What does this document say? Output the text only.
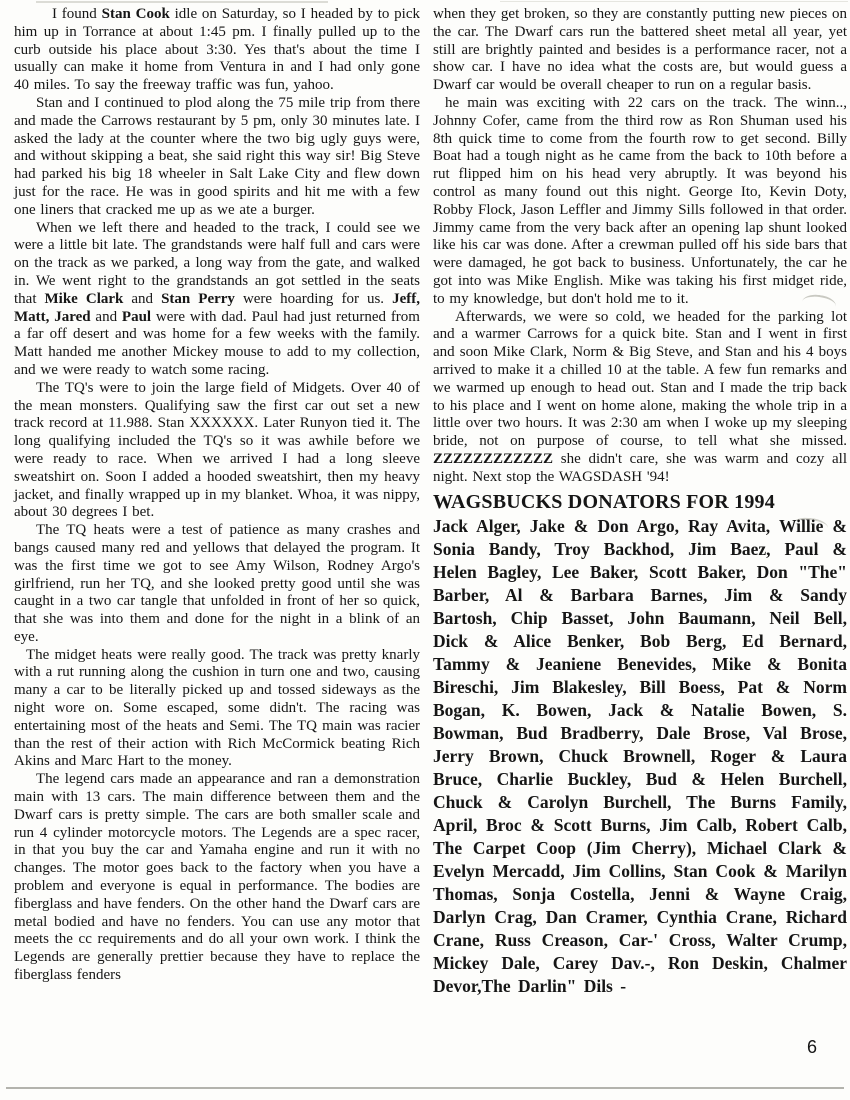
I found Stan Cook idle on Saturday, so I headed by to pick him up in Torrance at about 1:45 pm. I finally pulled up to the curb outside his place about 3:30. Yes that's about the time I usually can make it home from Ventura in and I had only gone 40 miles. To say the freeway traffic was fun, yahoo.

Stan and I continued to plod along the 75 mile trip from there and made the Carrows restaurant by 5 pm, only 30 minutes late. I asked the lady at the counter where the two big ugly guys were, and without skipping a beat, she said right this way sir! Big Steve had parked his big 18 wheeler in Salt Lake City and flew down just for the race. He was in good spirits and hit me with a few one liners that cracked me up as we ate a burger.

When we left there and headed to the track, I could see we were a little bit late. The grandstands were half full and cars were on the track as we parked, a long way from the gate, and walked in. We went right to the grandstands an got settled in the seats that Mike Clark and Stan Perry were hoarding for us. Jeff, Matt, Jared and Paul were with dad. Paul had just returned from a far off desert and was home for a few weeks with the family. Matt handed me another Mickey mouse to add to my collection, and we were ready to watch some racing.

The TQ's were to join the large field of Midgets. Over 40 of the mean monsters. Qualifying saw the first car out set a new track record at 11.988. Stan XXXXXX. Later Runyon tied it. The long qualifying included the TQ's so it was awhile before we were ready to race. When we arrived I had a long sleeve sweatshirt on. Soon I added a hooded sweatshirt, then my heavy jacket, and finally wrapped up in my blanket. Whoa, it was nippy, about 30 degrees I bet.

The TQ heats were a test of patience as many crashes and bangs caused many red and yellows that delayed the program. It was the first time we got to see Amy Wilson, Rodney Argo's girlfriend, run her TQ, and she looked pretty good until she was caught in a two car tangle that unfolded in front of her so quick, that she was into them and done for the night in a blink of an eye.

The midget heats were really good. The track was pretty knarly with a rut running along the cushion in turn one and two, causing many a car to be literally picked up and tossed sideways as the night wore on. Some escaped, some didn't. The racing was entertaining most of the heats and Semi. The TQ main was racier than the rest of their action with Rich McCormick beating Rich Akins and Marc Hart to the money.

The legend cars made an appearance and ran a demonstration main with 13 cars. The main difference between them and the Dwarf cars is pretty simple. The cars are both smaller scale and run 4 cylinder motorcycle motors. The Legends are a spec racer, in that you buy the car and Yamaha engine and run it with no changes. The motor goes back to the factory when you have a problem and everyone is equal in performance. The bodies are fiberglass and have fenders. On the other hand the Dwarf cars are metal bodied and have no fenders. You can use any motor that meets the cc requirements and do all your own work. I think the Legends are generally prettier because they have to replace the fiberglass fenders

when they get broken, so they are constantly putting new pieces on the car. The Dwarf cars run the battered sheet metal all year, yet still are brightly painted and besides is a performance racer, not a show car. I have no idea what the costs are, but would guess a Dwarf car would be overall cheaper to run on a regular basis.

he main was exciting with 22 cars on the track. The winn.., Johnny Cofer, came from the third row as Ron Shuman used his 8th quick time to come from the fourth row to get second. Billy Boat had a tough night as he came from the back to 10th before a rut flipped him on his head very abruptly. It was beyond his control as many found out this night. George Ito, Kevin Doty, Robby Flock, Jason Leffler and Jimmy Sills followed in that order. Jimmy came from the very back after an opening lap shunt looked like his car was done. After a crewman pulled off his side bars that were damaged, he got back to business. Unfortunately, the car he got into was Mike English. Mike was taking his first midget ride, to my knowledge, but don't hold me to it.

Afterwards, we were so cold, we headed for the parking lot and a warmer Carrows for a quick bite. Stan and I went in first and soon Mike Clark, Norm & Big Steve, and Stan and his 4 boys arrived to make it a chilled 10 at the table. A few fun remarks and we warmed up enough to head out. Stan and I made the trip back to his place and I went on home alone, making the whole trip in a little over two hours. It was 2:30 am when I woke up my sleeping bride, not on purpose of course, to tell what she missed. ZZZZZZZZZZZZ she didn't care, she was warm and cozy all night. Next stop the WAGSDASH '94!

WAGSBUCKS DONATORS FOR 1994

Jack Alger, Jake & Don Argo, Ray Avita, Willie & Sonia Bandy, Troy Backhod, Jim Baez, Paul & Helen Bagley, Lee Baker, Scott Baker, Don "The" Barber, Al & Barbara Barnes, Jim & Sandy Bartosh, Chip Basset, John Baumann, Neil Bell, Dick & Alice Benker, Bob Berg, Ed Bernard, Tammy & Jeaniene Benevides, Mike & Bonita Bireschi, Jim Blakesley, Bill Boess, Pat & Norm Bogan, K. Bowen, Jack & Natalie Bowen, S. Bowman, Bud Bradberry, Dale Brose, Val Brose, Jerry Brown, Chuck Brownell, Roger & Laura Bruce, Charlie Buckley, Bud & Helen Burchell, Chuck & Carolyn Burchell, The Burns Family, April, Broc & Scott Burns, Jim Calb, Robert Calb, The Carpet Coop (Jim Cherry), Michael Clark & Evelyn Mercadd, Jim Collins, Stan Cook & Marilyn Thomas, Sonja Costella, Jenni & Wayne Craig, Darlyn Crag, Dan Cramer, Cynthia Crane, Richard Crane, Russ Creason, Car-' Cross, Walter Crump, Mickey Dale, Carey Dav.-, Ron Deskin, Chalmer Devor,The Darlin" Dils -

6
